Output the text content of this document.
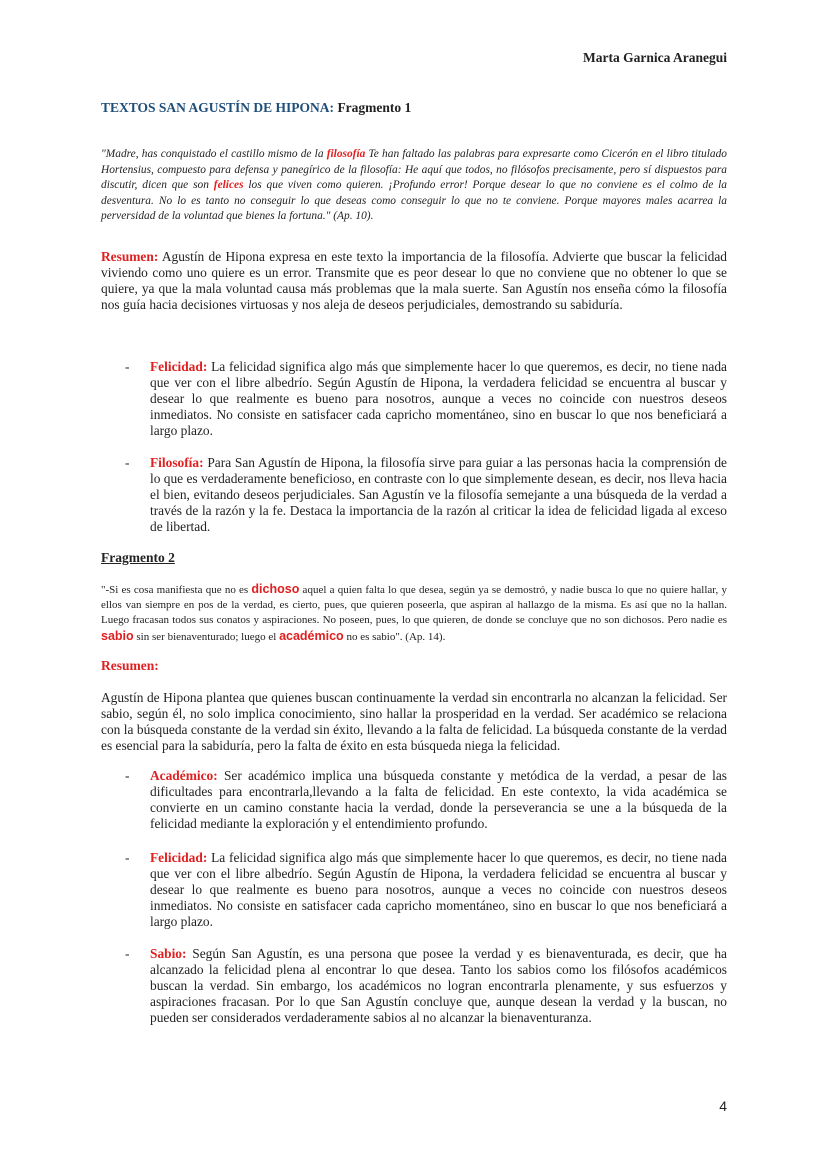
Marta Garnica Aranegui
TEXTOS SAN AGUSTÍN DE HIPONA: Fragmento 1
"Madre, has conquistado el castillo mismo de la filosofía Te han faltado las palabras para expresarte como Cicerón en el libro titulado Hortensius, compuesto para defensa y panegírico de la filosofía: He aquí que todos, no filósofos precisamente, pero sí dispuestos para discutir, dicen que son felices los que viven como quieren. ¡Profundo error! Porque desear lo que no conviene es el colmo de la desventura. No lo es tanto no conseguir lo que deseas como conseguir lo que no te conviene. Porque mayores males acarrea la perversidad de la voluntad que bienes la fortuna." (Ap. 10).
Resumen: Agustín de Hipona expresa en este texto la importancia de la filosofía. Advierte que buscar la felicidad viviendo como uno quiere es un error. Transmite que es peor desear lo que no conviene que no obtener lo que se quiere, ya que la mala voluntad causa más problemas que la mala suerte. San Agustín nos enseña cómo la filosofía nos guía hacia decisiones virtuosas y nos aleja de deseos perjudiciales, demostrando su sabiduría.
- Felicidad: La felicidad significa algo más que simplemente hacer lo que queremos, es decir, no tiene nada que ver con el libre albedrío. Según Agustín de Hipona, la verdadera felicidad se encuentra al buscar y desear lo que realmente es bueno para nosotros, aunque a veces no coincide con nuestros deseos inmediatos. No consiste en satisfacer cada capricho momentáneo, sino en buscar lo que nos beneficiará a largo plazo.
- Filosofía: Para San Agustín de Hipona, la filosofía sirve para guiar a las personas hacia la comprensión de lo que es verdaderamente beneficioso, en contraste con lo que simplemente desean, es decir, nos lleva hacia el bien, evitando deseos perjudiciales. San Agustín ve la filosofía semejante a una búsqueda de la verdad a través de la razón y la fe. Destaca la importancia de la razón al criticar la idea de felicidad ligada al exceso de libertad.
Fragmento 2
"-Si es cosa manifiesta que no es dichoso aquel a quien falta lo que desea, según ya se demostró, y nadie busca lo que no quiere hallar, y ellos van siempre en pos de la verdad, es cierto, pues, que quieren poseerla, que aspiran al hallazgo de la misma. Es así que no la hallan. Luego fracasan todos sus conatos y aspiraciones. No poseen, pues, lo que quieren, de donde se concluye que no son dichosos. Pero nadie es sabio sin ser bienaventurado; luego el académico no es sabio". (Ap. 14).
Resumen:
Agustín de Hipona plantea que quienes buscan continuamente la verdad sin encontrarla no alcanzan la felicidad. Ser sabio, según él, no solo implica conocimiento, sino hallar la prosperidad en la verdad. Ser académico se relaciona con la búsqueda constante de la verdad sin éxito, llevando a la falta de felicidad. La búsqueda constante de la verdad es esencial para la sabiduría, pero la falta de éxito en esta búsqueda niega la felicidad.
- Académico: Ser académico implica una búsqueda constante y metódica de la verdad, a pesar de las dificultades para encontrarla,llevando a la falta de felicidad. En este contexto, la vida académica se convierte en un camino constante hacia la verdad, donde la perseverancia se une a la búsqueda de la felicidad mediante la exploración y el entendimiento profundo.
- Felicidad: La felicidad significa algo más que simplemente hacer lo que queremos, es decir, no tiene nada que ver con el libre albedrío. Según Agustín de Hipona, la verdadera felicidad se encuentra al buscar y desear lo que realmente es bueno para nosotros, aunque a veces no coincide con nuestros deseos inmediatos. No consiste en satisfacer cada capricho momentáneo, sino en buscar lo que nos beneficiará a largo plazo.
- Sabio: Según San Agustín, es una persona que posee la verdad y es bienaventurada, es decir, que ha alcanzado la felicidad plena al encontrar lo que desea. Tanto los sabios como los filósofos académicos buscan la verdad. Sin embargo, los académicos no logran encontrarla plenamente, y sus esfuerzos y aspiraciones fracasan. Por lo que San Agustín concluye que, aunque desean la verdad y la buscan, no pueden ser considerados verdaderamente sabios al no alcanzar la bienaventuranza.
4
